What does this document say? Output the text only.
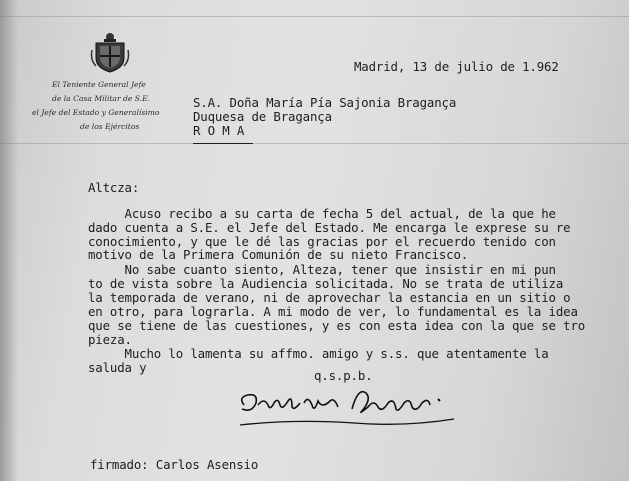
El Teniente General Jefe
de la Casa Militar de S.E.
el Jefe del Estado y Generalísimo
de los Ejércitos
Madrid, 13 de julio de 1.962
S.A. Doña María Pía Sajonia Bragança
Duquesa de Bragança
R O M A
Altcza:
Acuso recibo a su carta de fecha 5 del actual, de la que he
dado cuenta a S.E. el Jefe del Estado. Me encarga le exprese su re
conocimiento, y que le dé las gracias por el recuerdo tenido con
motivo de la Primera Comunión de su nieto Francisco.
No sabe cuanto siento, Alteza, tener que insistir en mi pun
to de vista sobre la Audiencia solicitada. No se trata de utiliza
la temporada de verano, ni de aprovechar la estancia en un sitio o
en otro, para lograrla. A mi modo de ver, lo fundamental es la idea
que se tiene de las cuestiones, y es con esta idea con la que se tro
pieza.
Mucho lo lamenta su affmo. amigo y s.s. que atentamente la
saluda y
q.s.p.b.
firmado: Carlos Asensio
